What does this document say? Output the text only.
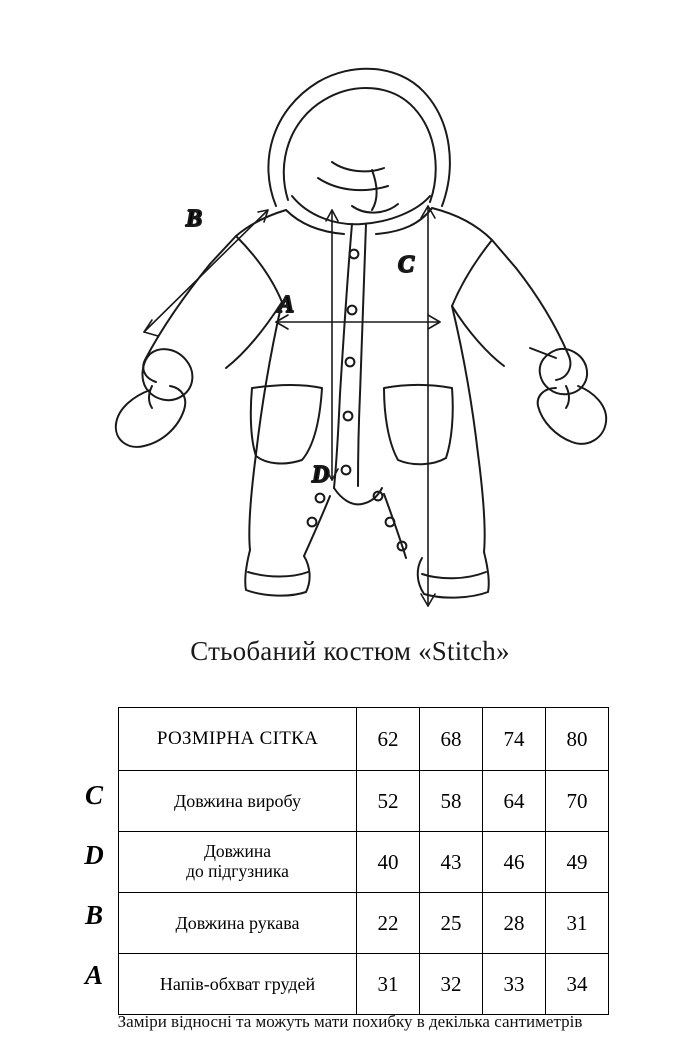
B
A
C
D
Стьобаний костюм «Stitch»
C
D
B
A
РОЗМІРНА СІТКА	62	68	74	80
Довжина виробу	52	58	64	70

Довжина
до підгузника	40	43	46	49
Довжина рукава	22	25	28	31
Напів-обхват грудей	31	32	33	34
Заміри відносні та можуть мати похибку в декілька сантиметрів
